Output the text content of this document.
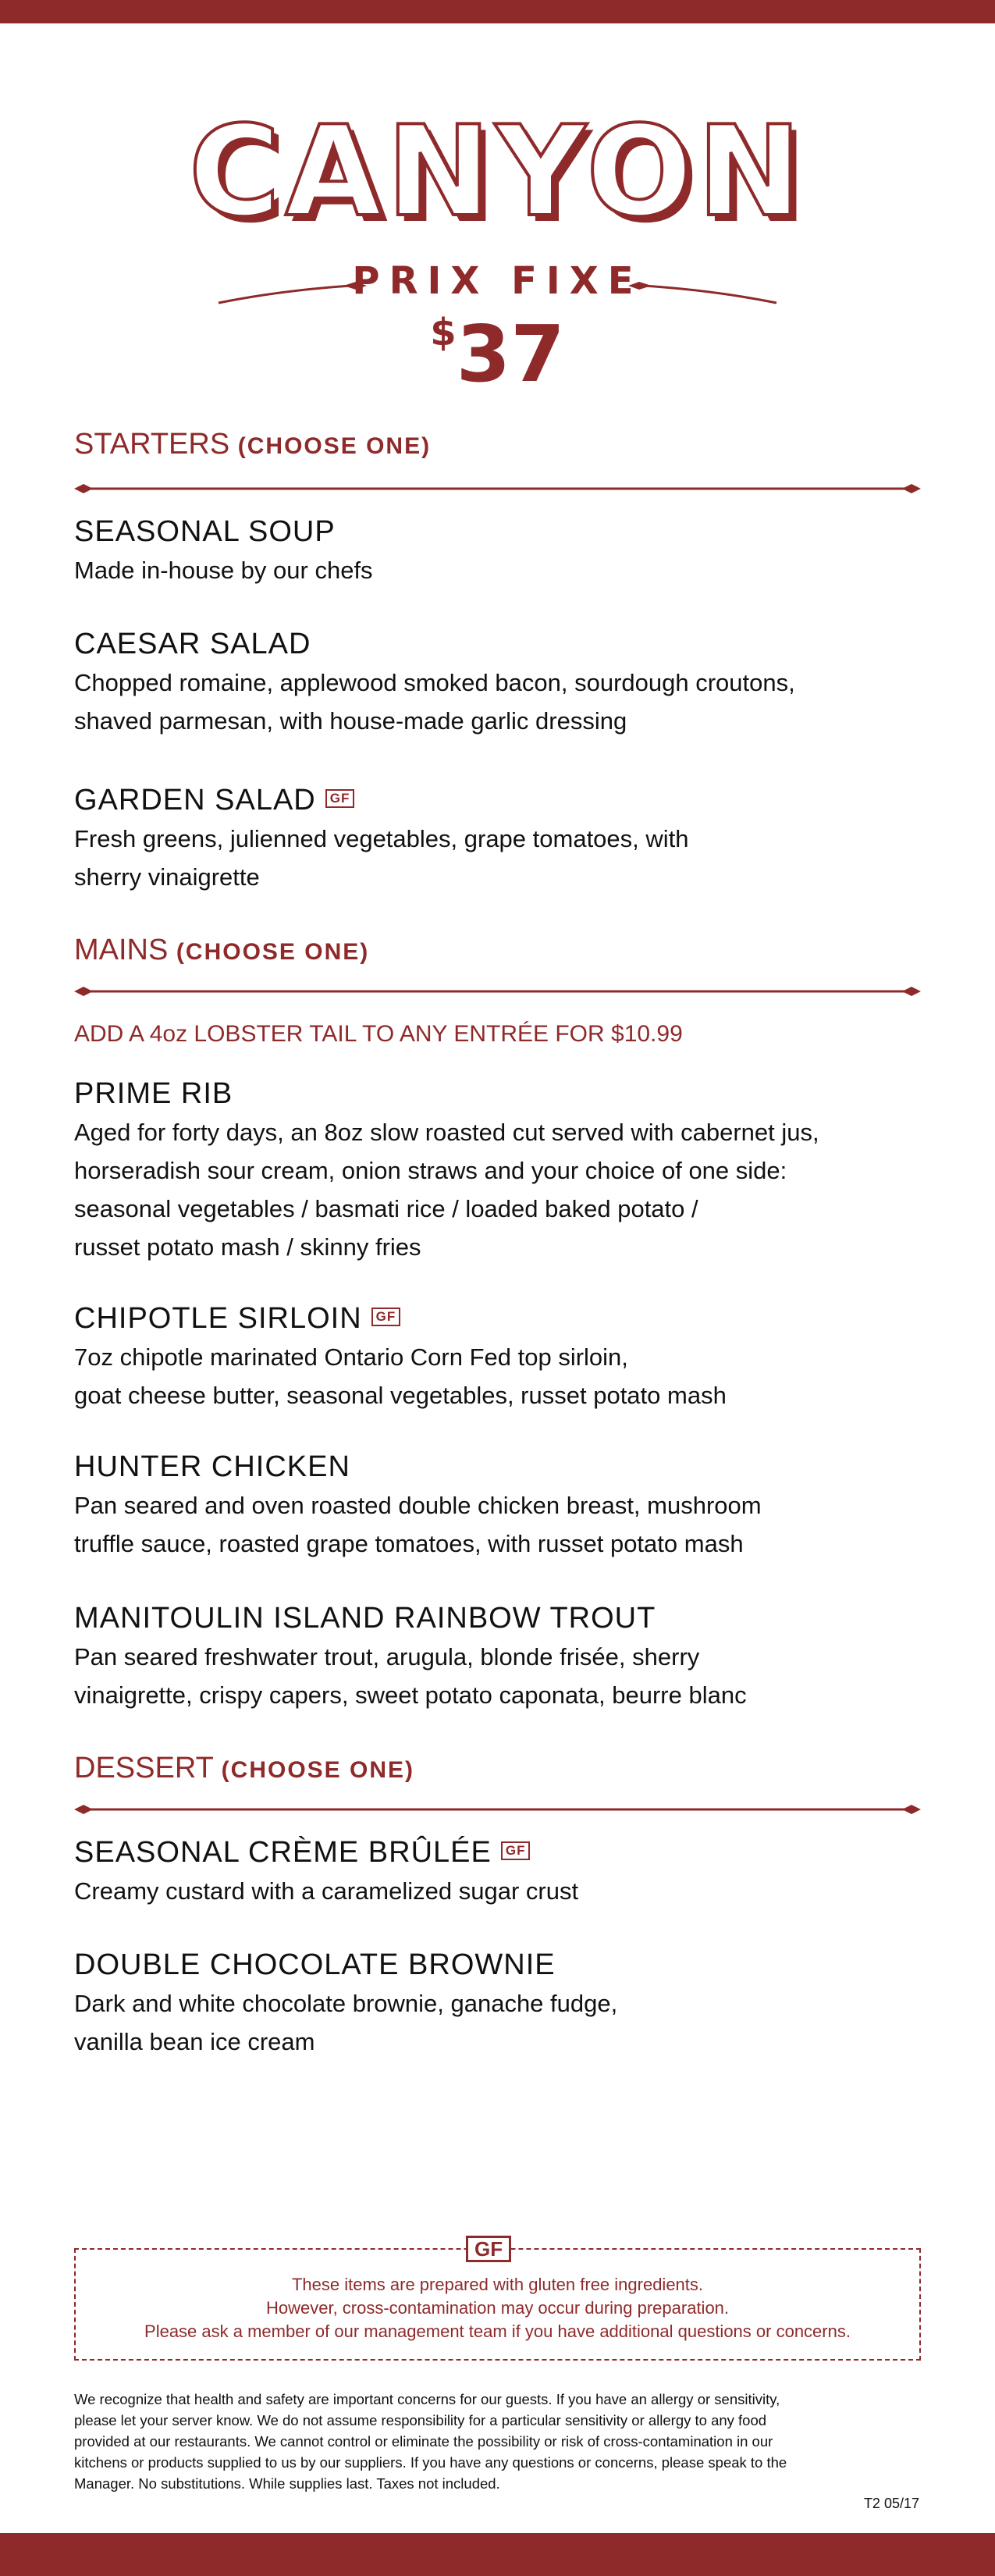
CANYON
PRIX FIXE
$37
STARTERS (CHOOSE ONE)
SEASONAL SOUP
Made in-house by our chefs
CAESAR SALAD
Chopped romaine, applewood smoked bacon, sourdough croutons,
shaved parmesan, with house-made garlic dressing
GARDEN SALAD GF
Fresh greens, julienned vegetables, grape tomatoes, with
sherry vinaigrette
MAINS (CHOOSE ONE)
ADD A 4oz LOBSTER TAIL TO ANY ENTRÉE FOR $10.99
PRIME RIB
Aged for forty days, an 8oz slow roasted cut served with cabernet jus,
horseradish sour cream, onion straws and your choice of one side:
seasonal vegetables / basmati rice / loaded baked potato /
russet potato mash / skinny fries
CHIPOTLE SIRLOIN GF
7oz chipotle marinated Ontario Corn Fed top sirloin,
goat cheese butter, seasonal vegetables, russet potato mash
HUNTER CHICKEN
Pan seared and oven roasted double chicken breast, mushroom
truffle sauce, roasted grape tomatoes, with russet potato mash
MANITOULIN ISLAND RAINBOW TROUT
Pan seared freshwater trout, arugula, blonde frisée, sherry
vinaigrette, crispy capers, sweet potato caponata, beurre blanc
DESSERT (CHOOSE ONE)
SEASONAL CRÈME BRÛLÉE GF
Creamy custard with a caramelized sugar crust
DOUBLE CHOCOLATE BROWNIE
Dark and white chocolate brownie, ganache fudge,
vanilla bean ice cream
GF
These items are prepared with gluten free ingredients.
However, cross-contamination may occur during preparation.
Please ask a member of our management team if you have additional questions or concerns.
We recognize that health and safety are important concerns for our guests. If you have an allergy or sensitivity,
please let your server know. We do not assume responsibility for a particular sensitivity or allergy to any food
provided at our restaurants. We cannot control or eliminate the possibility or risk of cross-contamination in our
kitchens or products supplied to us by our suppliers. If you have any questions or concerns, please speak to the
Manager. No substitutions. While supplies last. Taxes not included.
T2 05/17
